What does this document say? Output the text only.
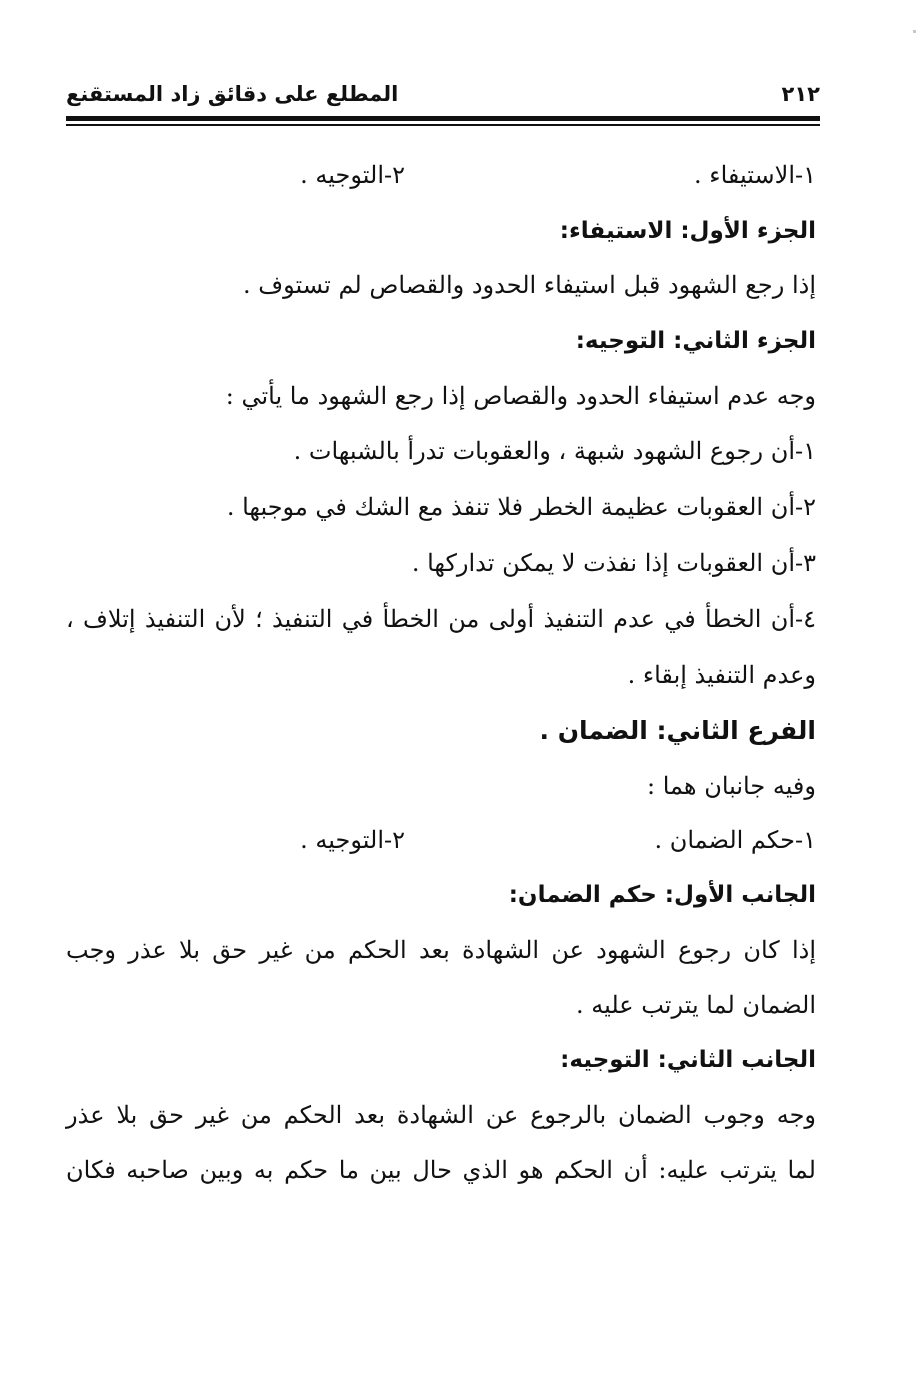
المطلع على دقائق زاد المستقنع	٢١٢
١-الاستيفاء .
٢-التوجيه .
الجزء الأول: الاستيفاء:
إذا رجع الشهود قبل استيفاء الحدود والقصاص لم تستوف .
الجزء الثاني: التوجيه:
وجه عدم استيفاء الحدود والقصاص إذا رجع الشهود ما يأتي :
١-أن رجوع الشهود شبهة ، والعقوبات تدرأ بالشبهات .
٢-أن العقوبات عظيمة الخطر فلا تنفذ مع الشك في موجبها .
٣-أن العقوبات إذا نفذت لا يمكن تداركها .
٤-أن الخطأ في عدم التنفيذ أولى من الخطأ في التنفيذ ؛ لأن التنفيذ إتلاف ،
وعدم التنفيذ إبقاء .
الفرع الثاني: الضمان .
وفيه جانبان هما :
١-حكم الضمان .
٢-التوجيه .
الجانب الأول: حكم الضمان:
إذا كان رجوع الشهود عن الشهادة بعد الحكم من غير حق بلا عذر وجب
الضمان لما يترتب عليه .
الجانب الثاني: التوجيه:
وجه وجوب الضمان بالرجوع عن الشهادة بعد الحكم من غير حق بلا عذر
لما يترتب عليه: أن الحكم هو الذي حال بين ما حكم به وبين صاحبه فكان
